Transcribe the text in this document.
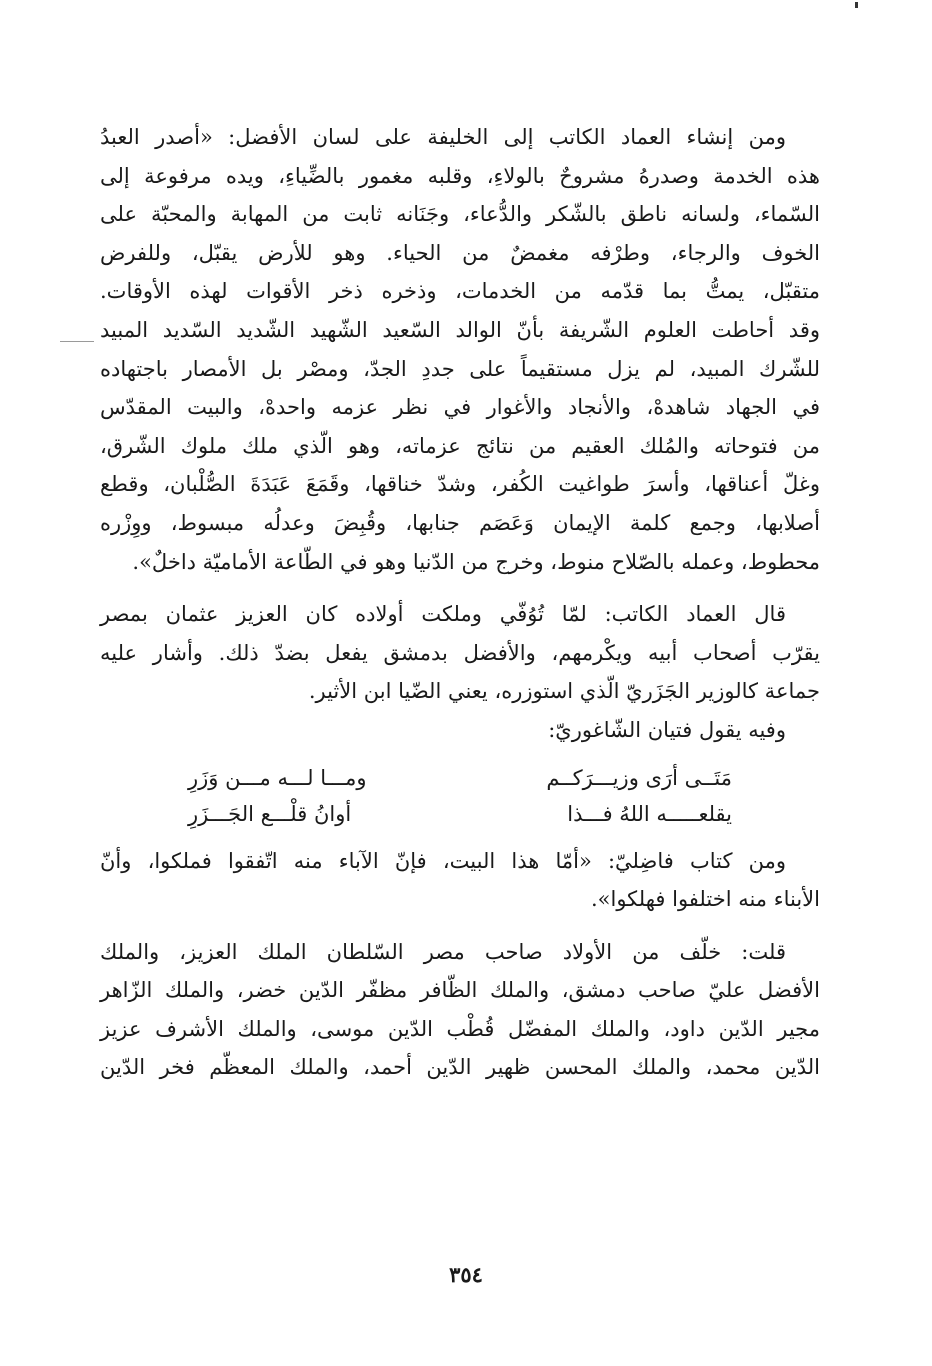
ومن إنشاء العماد الكاتب إلى الخليفة على لسان الأفضل: «أصدر العبدُ
هذه الخدمة وصدرهُ مشروحٌ بالولاءِ، وقلبه مغمور بالضِّياءِ، ويده مرفوعة إلى
السّماء، ولسانه ناطق بالشّكر والدُّعاء، وجَنَانه ثابت من المهابة والمحبّة على
الخوف والرجاء، وطرْفه مغمضٌ من الحياء. وهو للأرض يقبّل، وللفرض
متقبّل، يمتُّ بما قدّمه من الخدمات، وذخره ذخر الأقوات لهذه الأوقات.
وقد أحاطت العلوم الشّريفة بأنّ الوالد السّعيد الشّهيد الشّديد السّديد المبيد
للشّرك المبيد، لم يزل مستقيماً على جددِ الجدّ، ومصْر بل الأمصار باجتهاده
في الجهاد شاهدهْ، والأنجاد والأغوار في نظر عزمه واحدهْ، والبيت المقدّس
من فتوحاته والمُلك العقيم من نتائج عزماته، وهو الّذي ملك ملوك الشّرق،
وغلّ أعناقها، وأسرَ طواغيت الكُفر، وشدّ خناقها، وقَمَعَ عَبَدَةَ الصُّلْبان، وقطع
أصلابها، وجمع كلمة الإيمان وَعَصَم جنابها، وقُبِضَ وعدلُه مبسوط، ووِزْره
محطوط، وعمله بالصّلاح منوط، وخرج من الدّنيا وهو في الطّاعة الأماميّة داخلٌ».
قال العماد الكاتب: لمّا تُوُفّي وملكت أولاده كان العزيز عثمان بمصر
يقرّب أصحاب أبيه ويكْرمهم، والأفضل بدمشق يفعل بضدّ ذلك. وأشار عليه
جماعة كالوزير الجَزَريّ الّذي استوزره، يعني الضّيا ابن الأثير.
وفيه يقول فتيان الشّاغوريّ:
مَتَــى أرَى وزيـــرَكــم
ومـــا لـــه مـــن وَزَرِ
يقلعـــــه اللهُ فـــذا
أوانُ قلْـــع الجَـــزَرِ
ومن كتاب فاضِليّ: «أمّا هذا البيت، فإنّ الآباء منه اتّفقوا فملكوا، وأنّ
الأبناء منه اختلفوا فهلكوا».
قلت: خلّف من الأولاد صاحب مصر السّلطان الملك العزيز، والملك
الأفضل عليّ صاحب دمشق، والملك الظّافر مظفّر الدّين خضر، والملك الزّاهر
مجير الدّين داود، والملك المفضّل قُطْب الدّين موسى، والملك الأشرف عزيز
الدّين محمد، والملك المحسن ظهير الدّين أحمد، والملك المعظّم فخر الدّين
٣٥٤
